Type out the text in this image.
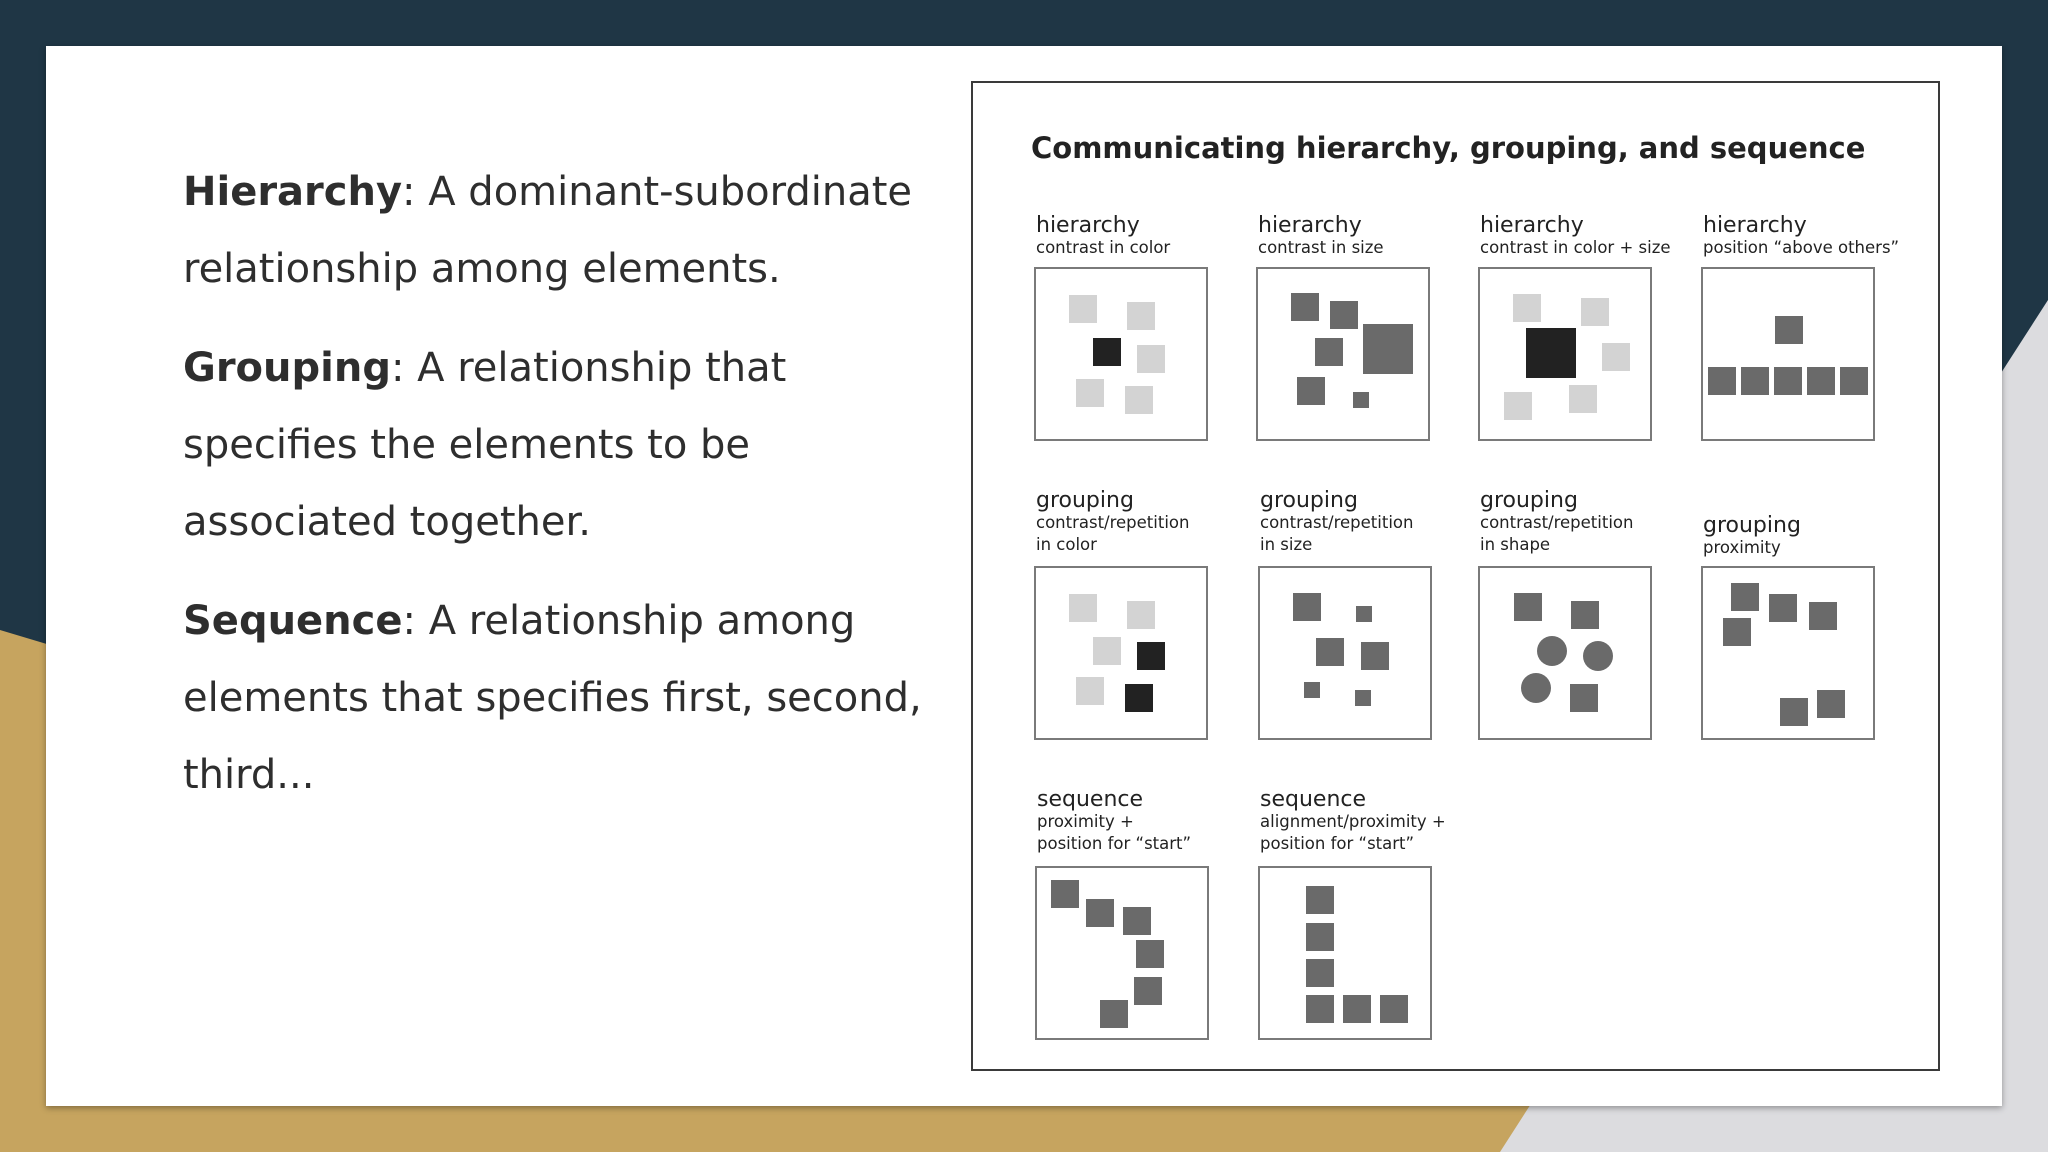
Hierarchy: A dominant-subordinate relationship among elements.

Grouping: A relationship that specifies the elements to be associated together.

Sequence: A relationship among elements that specifies first, second, third...

Communicating hierarchy, grouping, and sequence
hierarchy
contrast in color
hierarchy
contrast in size
hierarchy
contrast in color + size
hierarchy
position “above others”
grouping
contrast/repetition
in color
grouping
contrast/repetition
in size
grouping
contrast/repetition
in shape
grouping
proximity
sequence
proximity +
position for “start”
sequence
alignment/proximity +
position for “start”
